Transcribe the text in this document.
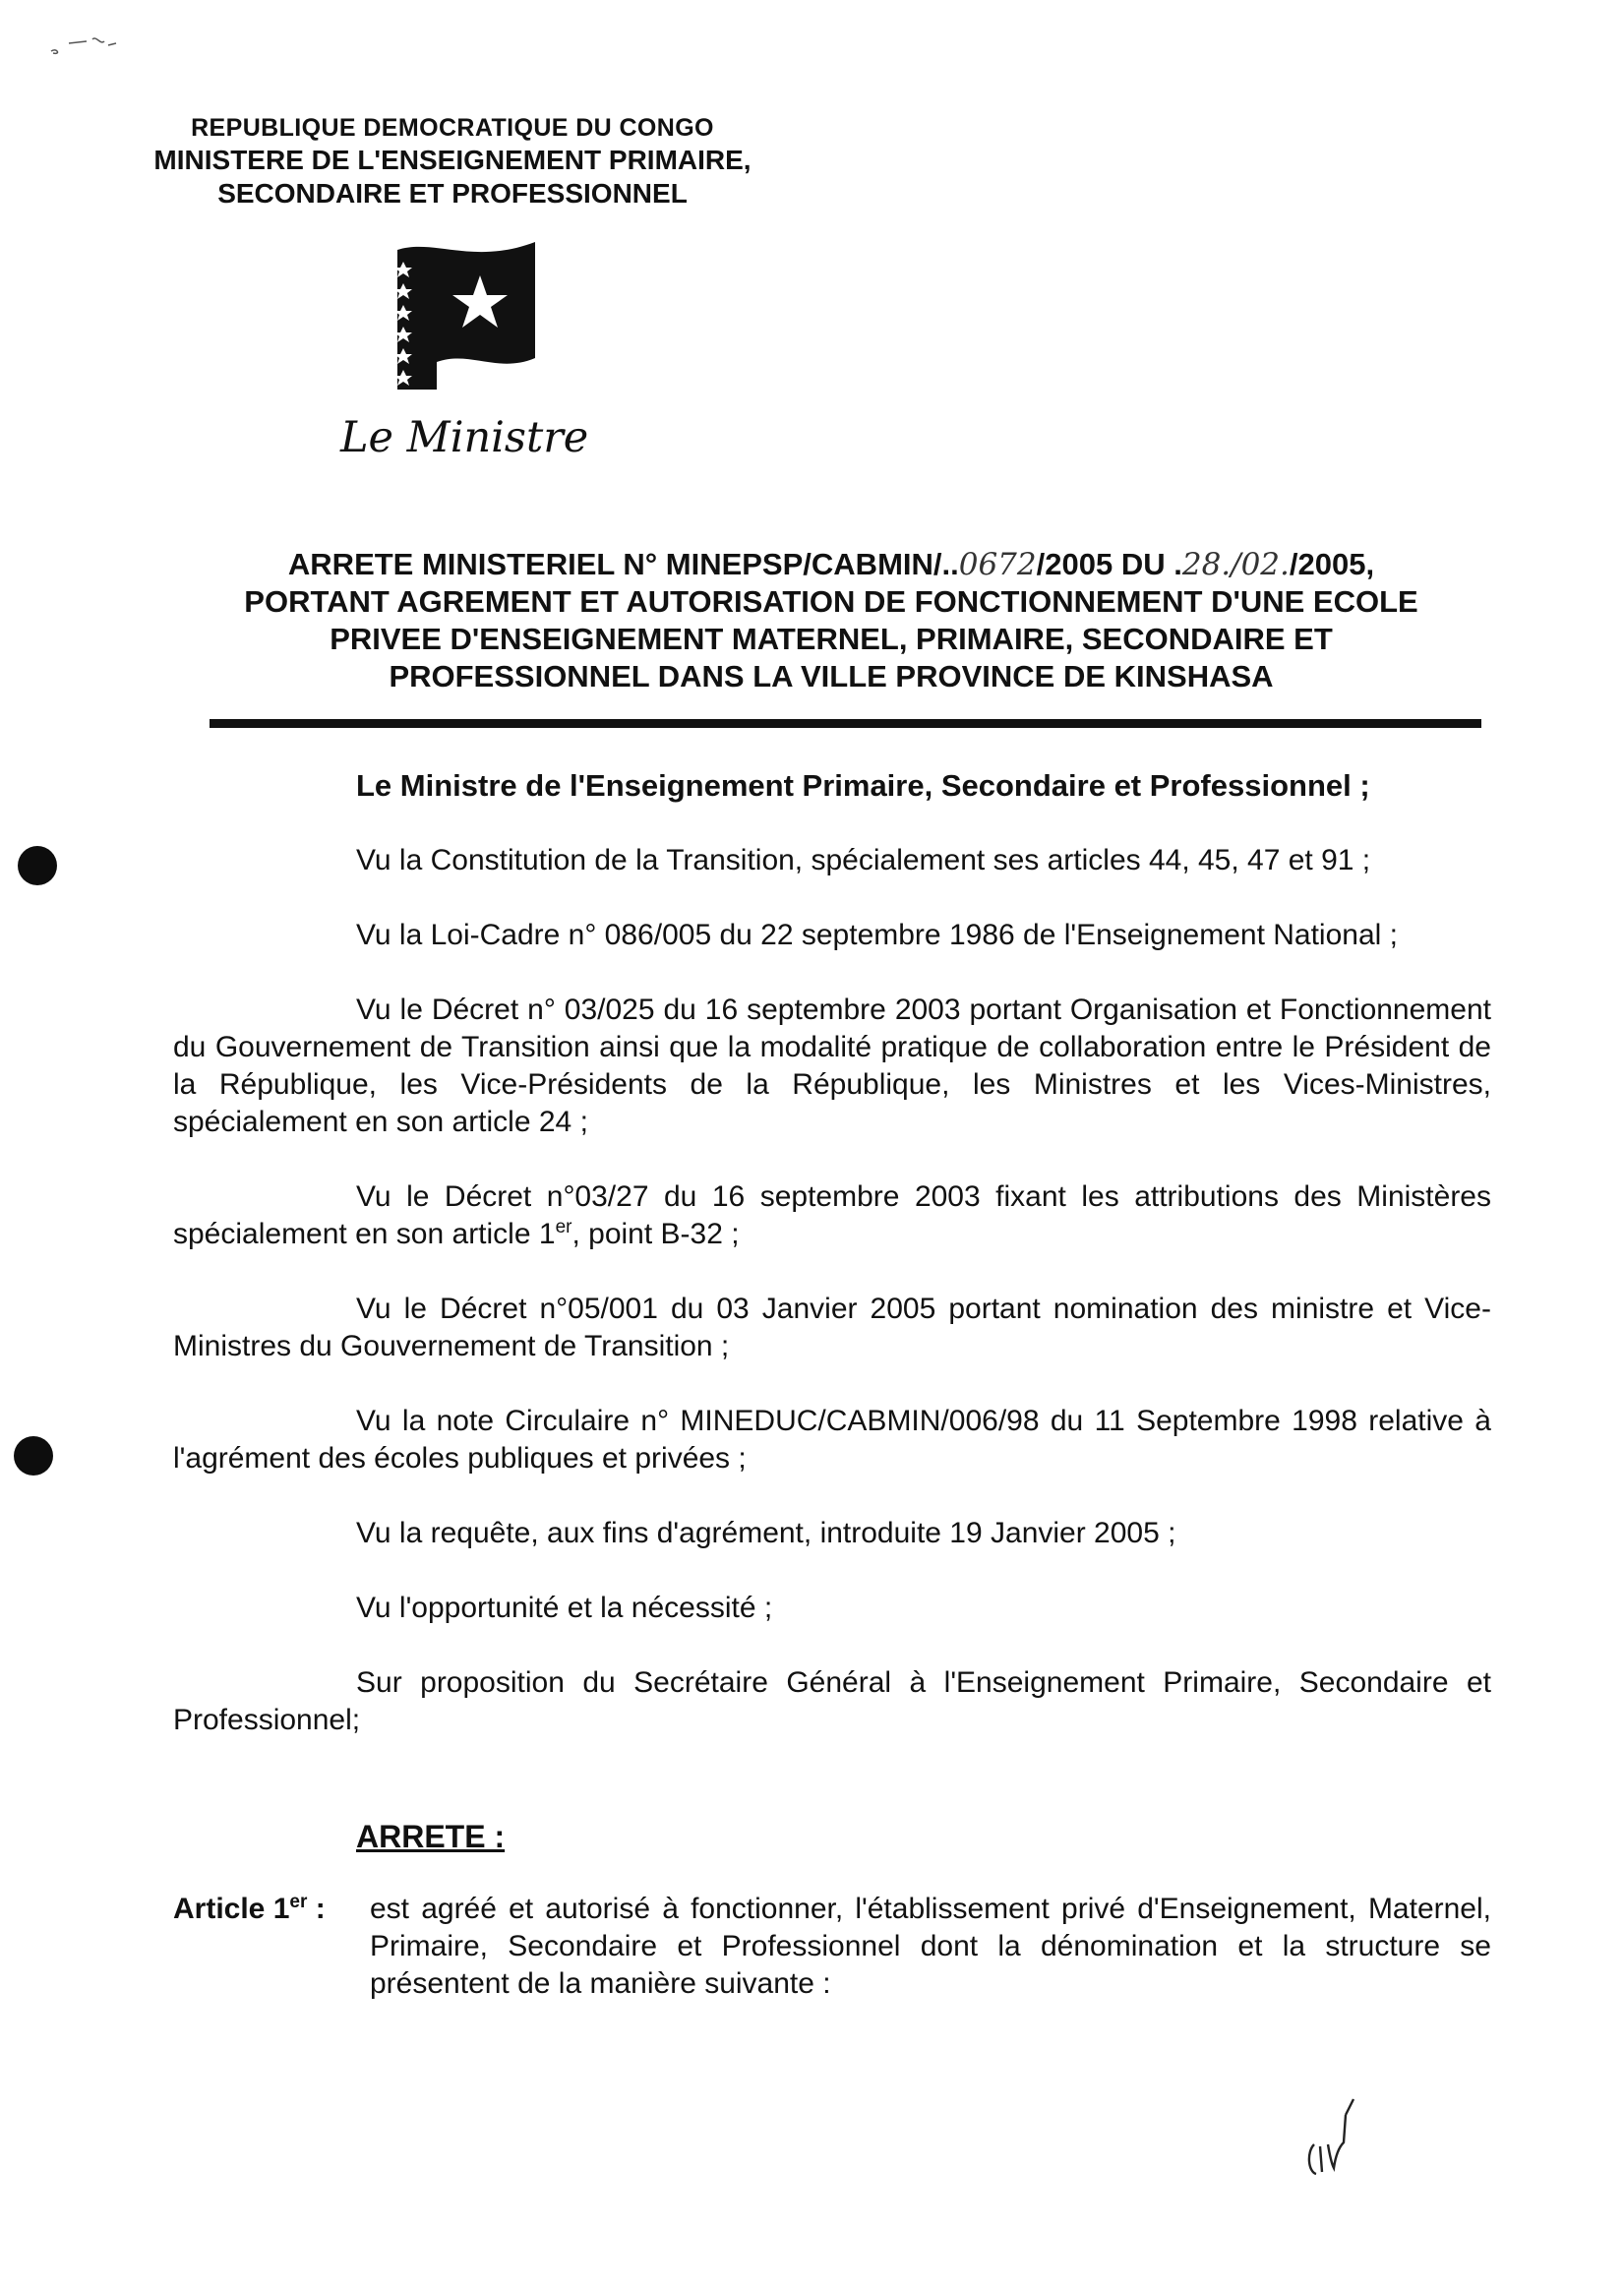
REPUBLIQUE DEMOCRATIQUE DU CONGO
MINISTERE DE L'ENSEIGNEMENT PRIMAIRE,
SECONDAIRE ET PROFESSIONNEL
Le Ministre
ARRETE MINISTERIEL N° MINEPSP/CABMIN/..0672/2005 DU .28./02./2005,
PORTANT AGREMENT ET AUTORISATION DE FONCTIONNEMENT D'UNE ECOLE
PRIVEE D'ENSEIGNEMENT MATERNEL, PRIMAIRE, SECONDAIRE ET
PROFESSIONNEL DANS LA VILLE PROVINCE DE KINSHASA
Le Ministre de l'Enseignement Primaire, Secondaire et Professionnel ;

Vu la Constitution de la Transition, spécialement ses articles 44, 45, 47 et 91 ;

Vu la Loi-Cadre n° 086/005 du 22 septembre 1986 de l'Enseignement National ;

Vu le Décret n° 03/025 du 16 septembre 2003 portant Organisation et Fonctionnement du Gouvernement de Transition ainsi que la modalité pratique de collaboration entre le Président de la République, les Vice-Présidents de la République, les Ministres et les Vices-Ministres, spécialement en son article 24 ;

Vu le Décret n°03/27 du 16 septembre 2003 fixant les attributions des Ministères spécialement en son article 1er, point B-32 ;

Vu le Décret n°05/001 du 03 Janvier 2005 portant nomination des ministre et Vice-Ministres du Gouvernement de Transition ;

Vu la note Circulaire n° MINEDUC/CABMIN/006/98 du 11 Septembre 1998 relative à l'agrément des écoles publiques et privées ;

Vu la requête, aux fins d'agrément, introduite 19 Janvier 2005 ;

Vu l'opportunité et la nécessité ;

Sur proposition du Secrétaire Général à l'Enseignement Primaire, Secondaire et Professionnel;

ARRETE :
Article 1er :	est agréé et autorisé à fonctionner, l'établissement privé d'Enseignement, Maternel, Primaire, Secondaire et Professionnel dont la dénomination et la structure se présentent de la manière suivante :
